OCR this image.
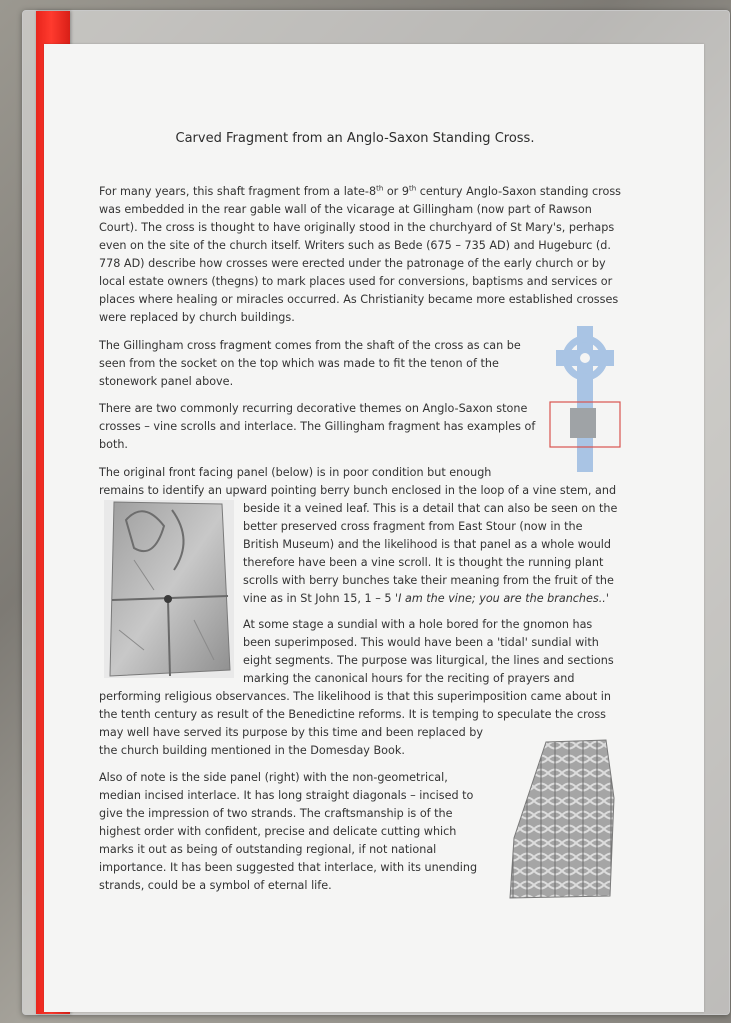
Carved Fragment from an Anglo-Saxon Standing Cross.
For many years, this shaft fragment from a late-8th or 9th century Anglo-Saxon standing cross
was embedded in the rear gable wall of the vicarage at Gillingham (now part of Rawson
Court). The cross is thought to have originally stood in the churchyard of St Mary's, perhaps
even on the site of the church itself. Writers such as Bede (675 – 735 AD) and Hugeburc (d.
778 AD) describe how crosses were erected under the patronage of the early church or by
local estate owners (thegns) to mark places used for conversions, baptisms and services or
places where healing or miracles occurred. As Christianity became more established crosses
were replaced by church buildings.
The Gillingham cross fragment comes from the shaft of the cross as can be
seen from the socket on the top which was made to fit the tenon of the
stonework panel above.
There are two commonly recurring decorative themes on Anglo-Saxon stone
crosses – vine scrolls and interlace. The Gillingham fragment has examples of
both.
The original front facing panel (below) is in poor condition but enough
remains to identify an upward pointing berry bunch enclosed in the loop of a vine stem, and
beside it a veined leaf. This is a detail that can also be seen on the
better preserved cross fragment from East Stour (now in the
British Museum) and the likelihood is that panel as a whole would
therefore have been a vine scroll. It is thought the running plant
scrolls with berry bunches take their meaning from the fruit of the
vine as in St John 15, 1 – 5 'I am the vine; you are the branches..'
At some stage a sundial with a hole bored for the gnomon has
been superimposed. This would have been a 'tidal' sundial with
eight segments. The purpose was liturgical, the lines and sections
marking the canonical hours for the reciting of prayers and
performing religious observances. The likelihood is that this superimposition came about in
the tenth century as result of the Benedictine reforms. It is temping to speculate the cross
may well have served its purpose by this time and been replaced by
the church building mentioned in the Domesday Book.
Also of note is the side panel (right) with the non-geometrical,
median incised interlace. It has long straight diagonals – incised to
give the impression of two strands. The craftsmanship is of the
highest order with confident, precise and delicate cutting which
marks it out as being of outstanding regional, if not national
importance. It has been suggested that interlace, with its unending
strands, could be a symbol of eternal life.
